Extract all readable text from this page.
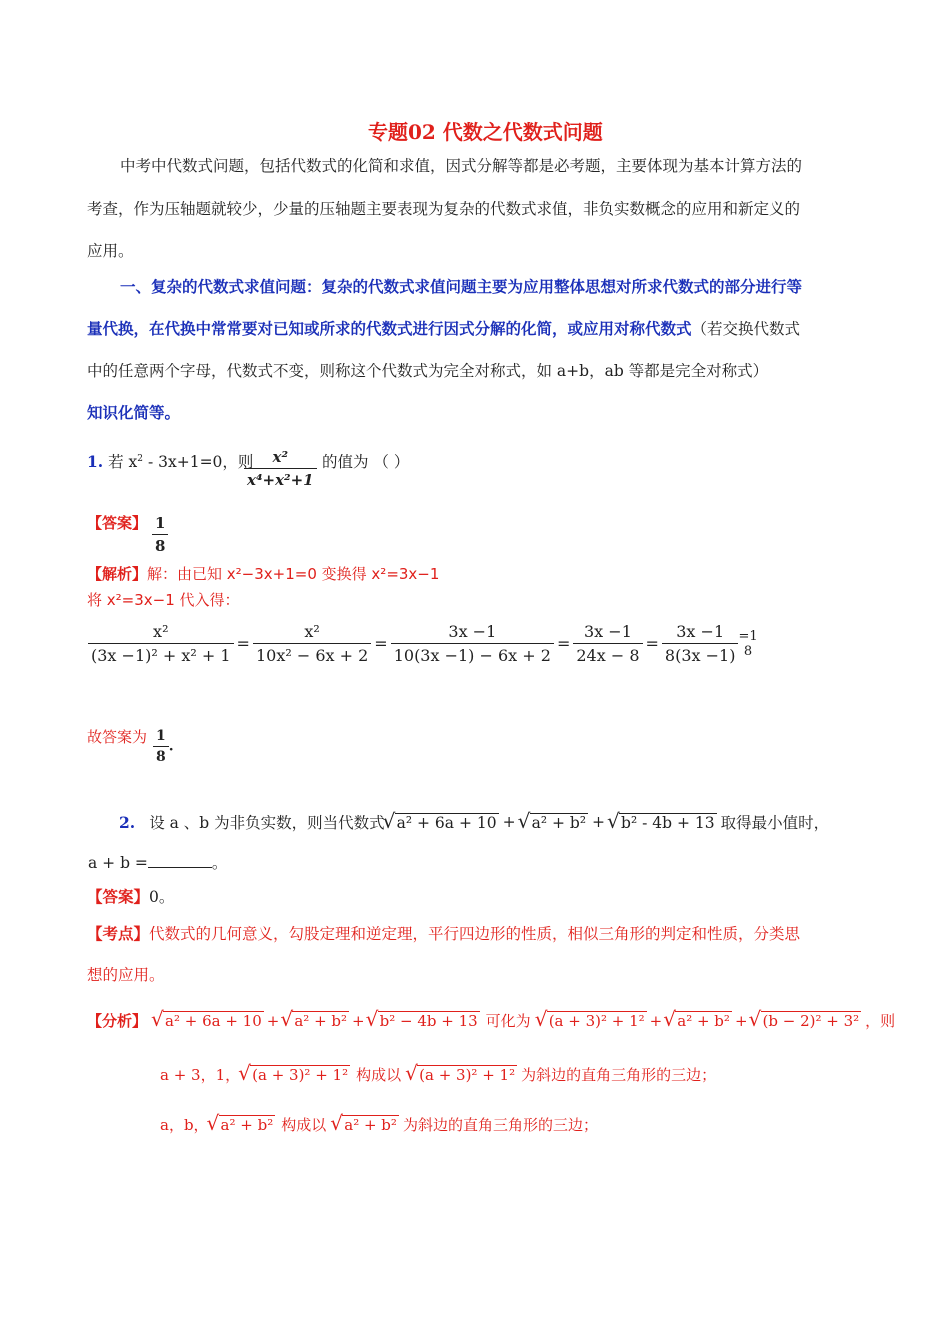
专题02 代数之代数式问题
中考中代数式问题，包括代数式的化简和求值，因式分解等都是必考题，主要体现为基本计算方法的
考查，作为压轴题就较少，少量的压轴题主要表现为复杂的代数式求值，非负实数概念的应用和新定义的
应用。
一、复杂的代数式求值问题：复杂的代数式求值问题主要为应用整体思想对所求代数式的部分进行等
量代换，在代换中常常要对已知或所求的代数式进行因式分解的化简，或应用对称代数式（若交换代数式
中的任意两个字母，代数式不变，则称这个代数式为完全对称式，如 a+b，ab 等都是完全对称式）
知识化简等。
1. 若 $x^2 - 3x+1=0$，则
$\frac{\text{x²}}{\text{x⁴+x²+1}}$ 的值为 （ ）
【答案】 $\frac{1}{8}$
【解析】解：由已知 x²−3x+1=0 变换得 x²=3x−1
将 x²=3x−1 代入得：
$\frac{\text{x²}}{\text{(3x −1)² + x² + 1}} = \frac{\text{x²}}{\text{10x² − 6x + 2}} = \frac{3x -1}{10(3x -1) - 6x + 2} = \frac{3x -1}{24x - 8} = \frac{3x -1}{8(3x -1)} =1$
8
故答案为 $\frac{1}{8}$ .
2. 设 a 、b 为非负实数，则当代数式 √ a² + 6a + 10 +	√ a² + b² +	√ b² - 4b + 13 取得最小值时，
a + b =	。
【答案】0。
【考点】代数式的几何意义，勾股定理和逆定理，平行四边形的性质，相似三角形的判定和性质，分类思
想的应用。
【分析】	√ a² + 6a + 10 +	√ a² + b² +	√ b² − 4b + 13 可化为	√ (a + 3)² + 1² +	√ a² + b² +	√ (b − 2)² + 3² ，则
a + 3，1， √ (a + 3)² + 1² 构成以	√ (a + 3)² + 1² 为斜边的直角三角形的三边；
a，b， √ a² + b² 构成以	√ a² + b² 为斜边的直角三角形的三边；
